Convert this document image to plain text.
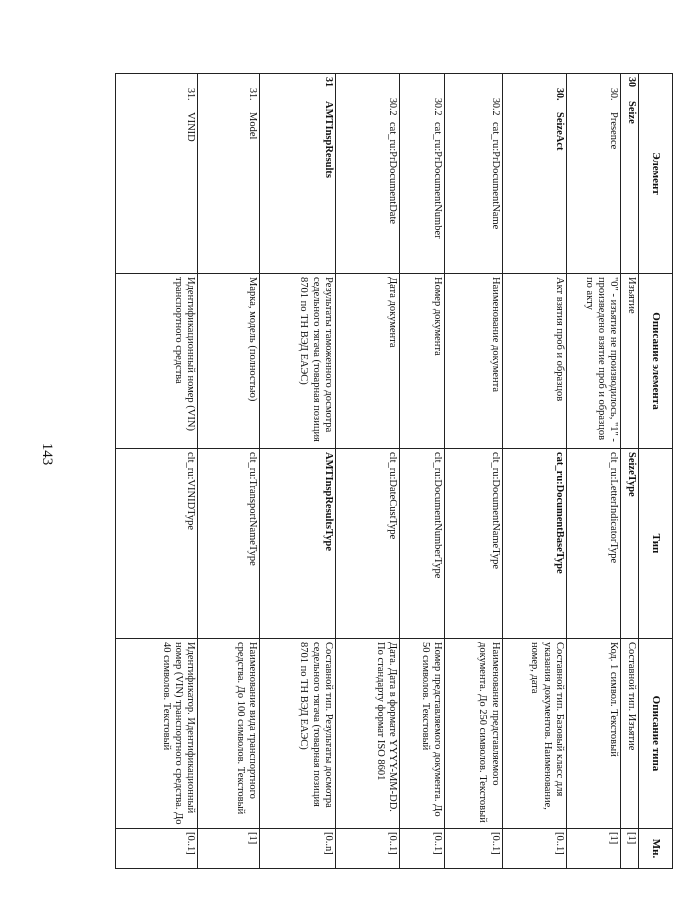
143
Элемент	Описание элемента	Тип	Описание типа	Мн.

30
Seize	Изъятие	SeizeType	Составной тип. Изъятие	[1]

30.
Presence	"0" - изъятие не производилось, "1" - произведено взятие проб и образцов по акту	clt_ru:LetterIndicatorType	Код. 1 символ. Текстовый	[1]

30.
SeizeAct	Акт взятия проб и образцов	cat_ru:DocumentBaseType	Составной тип. Базовый класс для указания документов. Наименование, номер, дата	[0..1]

30.2
cat_ru:PrDocumentName	Наименование документа	clt_ru:DocumentNameType	Наименование представляемого документа. До 250 символов. Текстовый	[0..1]

30.2
cat_ru:PrDocumentNumber	Номер документа	clt_ru:DocumentNumberType	Номер представляемого документа. До 50 символов. Текстовый	[0..1]

30.2
cat_ru:PrDocumentDate	Дата документа	clt_ru:DateCustType	Дата. Дата в формате YYYY-MM-DD. По стандарту формат ISO 8601	[0..1]

31
AMTInspResults	Результаты таможенного досмотра седельного тягача (товарная позиция 8701 по ТН ВЭД ЕАЭС)	AMTInspResultsType	Составной тип. Результаты досмотра седельного тягача (товарная позиция 8701 по ТН ВЭД ЕАЭС)	[0..n]

31.
Model	Марка, модель (полностью)	clt_ru:TransportNameType	Наименование вида транспортного средства. До 100 символов. Текстовый	[1]

31.
VINID	Идентификационный номер (VIN) транспортного средства	clt_ru:VINIDType	Идентификатор. Идентификационный номер (VIN) транспортного средства. До 40 символов. Текстовый	[0..1]
